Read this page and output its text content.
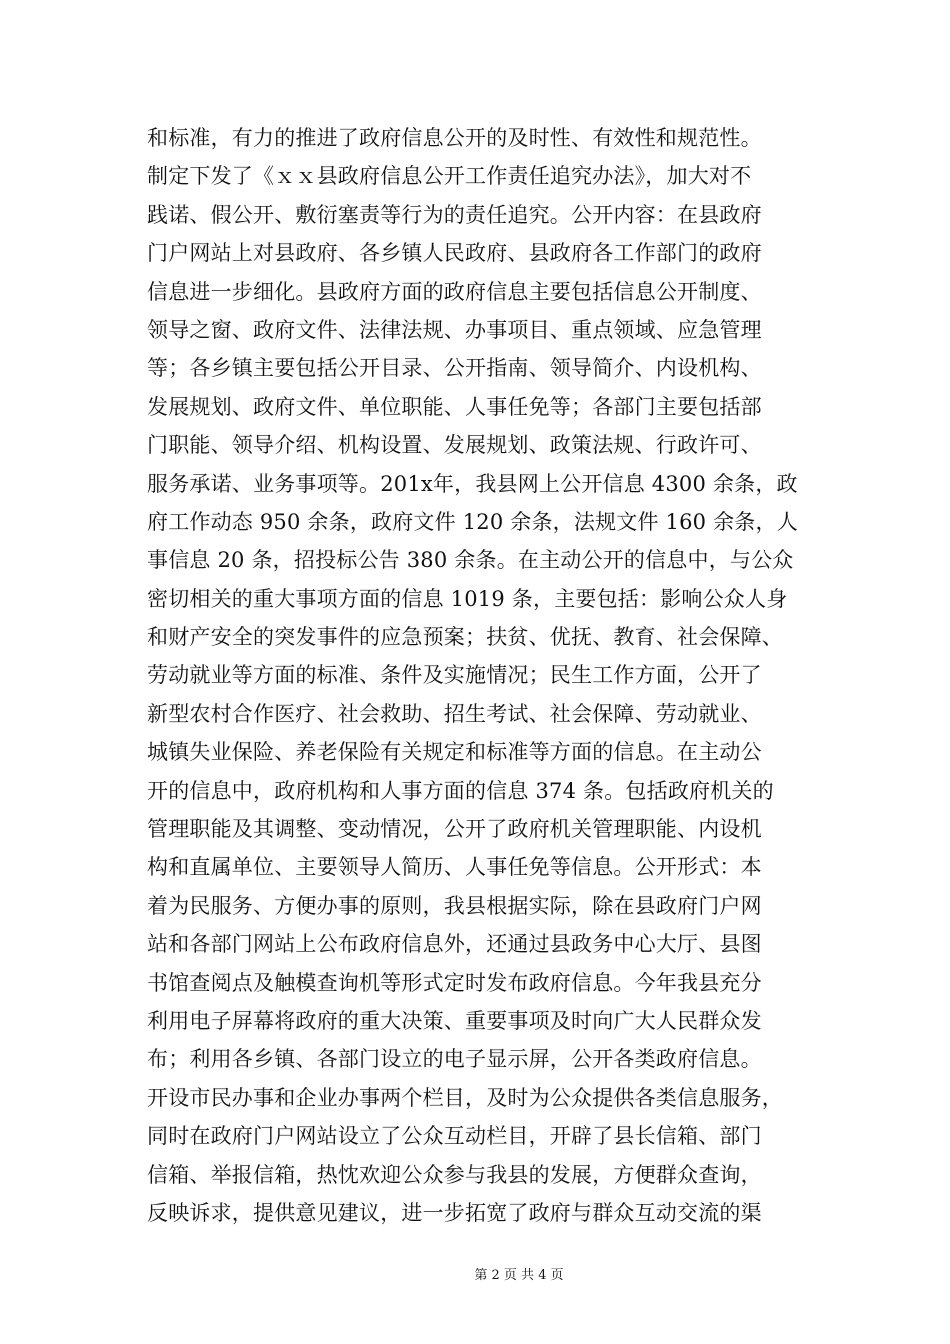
和标准，有力的推进了政府信息公开的及时性、有效性和规范性。
制定下发了《ｘｘ县政府信息公开工作责任追究办法》，加大对不
践诺、假公开、敷衍塞责等行为的责任追究。公开内容：在县政府
门户网站上对县政府、各乡镇人民政府、县政府各工作部门的政府
信息进一步细化。县政府方面的政府信息主要包括信息公开制度、
领导之窗、政府文件、法律法规、办事项目、重点领域、应急管理
等；各乡镇主要包括公开目录、公开指南、领导简介、内设机构、
发展规划、政府文件、单位职能、人事任免等；各部门主要包括部
门职能、领导介绍、机构设置、发展规划、政策法规、行政许可、
服务承诺、业务事项等。201x年，我县网上公开信息 4300 余条，政
府工作动态 950 余条，政府文件 120 余条，法规文件 160 余条，人
事信息 20 条，招投标公告 380 余条。在主动公开的信息中，与公众
密切相关的重大事项方面的信息 1019 条，主要包括：影响公众人身
和财产安全的突发事件的应急预案；扶贫、优抚、教育、社会保障、
劳动就业等方面的标准、条件及实施情况；民生工作方面，公开了
新型农村合作医疗、社会救助、招生考试、社会保障、劳动就业、
城镇失业保险、养老保险有关规定和标准等方面的信息。在主动公
开的信息中，政府机构和人事方面的信息 374 条。包括政府机关的
管理职能及其调整、变动情况，公开了政府机关管理职能、内设机
构和直属单位、主要领导人简历、人事任免等信息。公开形式：本
着为民服务、方便办事的原则，我县根据实际，除在县政府门户网
站和各部门网站上公布政府信息外，还通过县政务中心大厅、县图
书馆查阅点及触模查询机等形式定时发布政府信息。今年我县充分
利用电子屏幕将政府的重大决策、重要事项及时向广大人民群众发
布；利用各乡镇、各部门设立的电子显示屏，公开各类政府信息。
开设市民办事和企业办事两个栏目，及时为公众提供各类信息服务，
同时在政府门户网站设立了公众互动栏目，开辟了县长信箱、部门
信箱、举报信箱，热忱欢迎公众参与我县的发展，方便群众查询，
反映诉求，提供意见建议，进一步拓宽了政府与群众互动交流的渠
第 2 页 共 4 页
